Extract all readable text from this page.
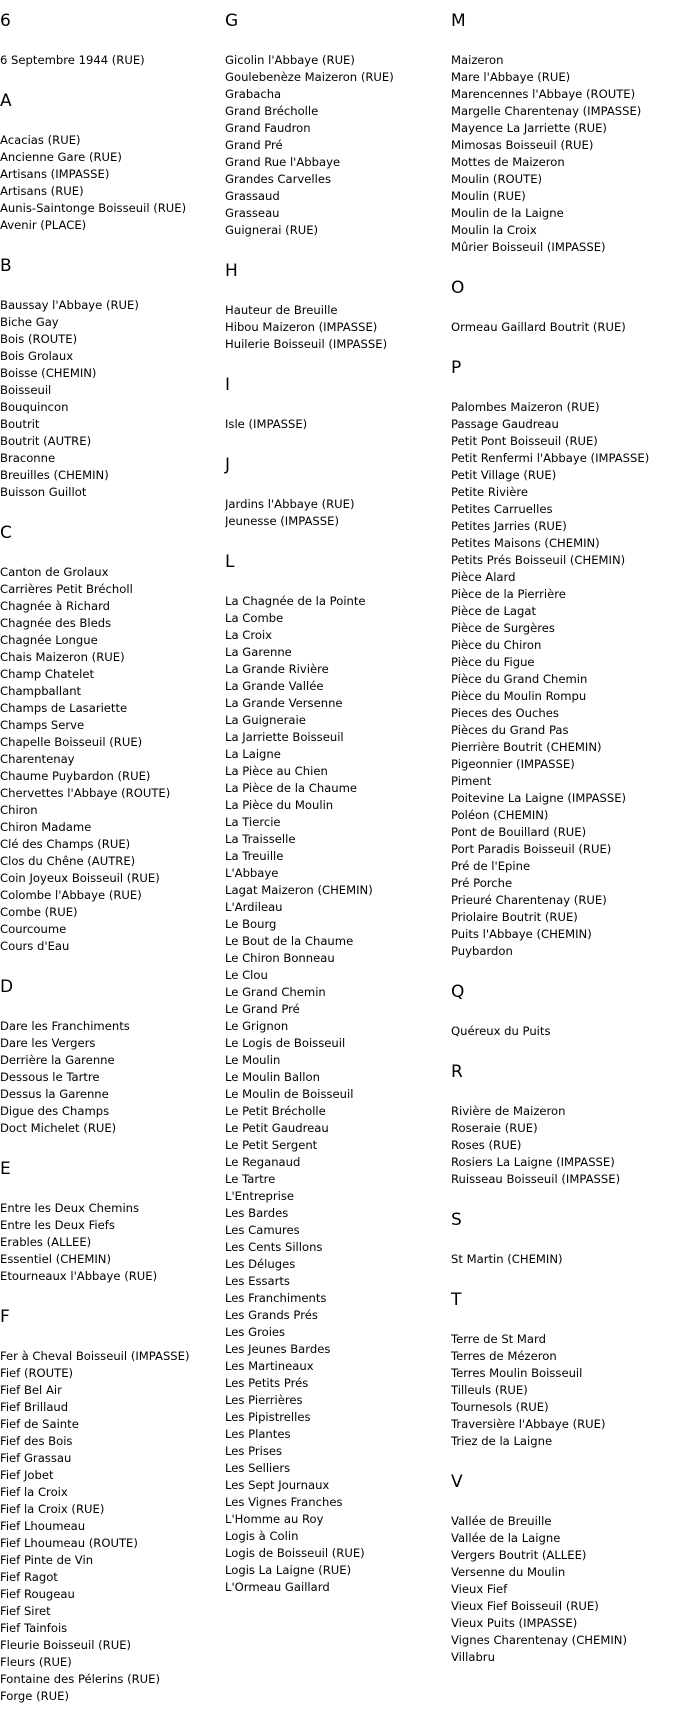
6
6 Septembre 1944 (RUE)
A
Acacias (RUE)
Ancienne Gare (RUE)
Artisans (IMPASSE)
Artisans (RUE)
Aunis-Saintonge Boisseuil (RUE)
Avenir (PLACE)
B
Baussay l'Abbaye (RUE)
Biche Gay
Bois (ROUTE)
Bois Grolaux
Boisse (CHEMIN)
Boisseuil
Bouquincon
Boutrit
Boutrit (AUTRE)
Braconne
Breuilles (CHEMIN)
Buisson Guillot
C
Canton de Grolaux
Carrières Petit Brécholl
Chagnée à Richard
Chagnée des Bleds
Chagnée Longue
Chais Maizeron (RUE)
Champ Chatelet
Champballant
Champs de Lasariette
Champs Serve
Chapelle Boisseuil (RUE)
Charentenay
Chaume Puybardon (RUE)
Chervettes l'Abbaye (ROUTE)
Chiron
Chiron Madame
Clé des Champs (RUE)
Clos du Chêne (AUTRE)
Coin Joyeux Boisseuil (RUE)
Colombe l'Abbaye (RUE)
Combe (RUE)
Courcoume
Cours d'Eau
D
Dare les Franchiments
Dare les Vergers
Derrière la Garenne
Dessous le Tartre
Dessus la Garenne
Digue des Champs
Doct Michelet (RUE)
E
Entre les Deux Chemins
Entre les Deux Fiefs
Erables (ALLEE)
Essentiel (CHEMIN)
Etourneaux l'Abbaye (RUE)
F
Fer à Cheval Boisseuil (IMPASSE)
Fief (ROUTE)
Fief Bel Air
Fief Brillaud
Fief de Sainte
Fief des Bois
Fief Grassau
Fief Jobet
Fief la Croix
Fief la Croix (RUE)
Fief Lhoumeau
Fief Lhoumeau (ROUTE)
Fief Pinte de Vin
Fief Ragot
Fief Rougeau
Fief Siret
Fief Tainfois
Fleurie Boisseuil (RUE)
Fleurs (RUE)
Fontaine des Pélerins (RUE)
Forge (RUE)
G
Gicolin l'Abbaye (RUE)
Goulebenèze Maizeron (RUE)
Grabacha
Grand Brécholle
Grand Faudron
Grand Pré
Grand Rue l'Abbaye
Grandes Carvelles
Grassaud
Grasseau
Guignerai (RUE)
H
Hauteur de Breuille
Hibou Maizeron (IMPASSE)
Huilerie Boisseuil (IMPASSE)
I
Isle (IMPASSE)
J
Jardins l'Abbaye (RUE)
Jeunesse (IMPASSE)
L
La Chagnée de la Pointe
La Combe
La Croix
La Garenne
La Grande Rivière
La Grande Vallée
La Grande Versenne
La Guigneraie
La Jarriette Boisseuil
La Laigne
La Pièce au Chien
La Pièce de la Chaume
La Pièce du Moulin
La Tiercie
La Traisselle
La Treuille
L'Abbaye
Lagat Maizeron (CHEMIN)
L'Ardileau
Le Bourg
Le Bout de la Chaume
Le Chiron Bonneau
Le Clou
Le Grand Chemin
Le Grand Pré
Le Grignon
Le Logis de Boisseuil
Le Moulin
Le Moulin Ballon
Le Moulin de Boisseuil
Le Petit Brécholle
Le Petit Gaudreau
Le Petit Sergent
Le Reganaud
Le Tartre
L'Entreprise
Les Bardes
Les Camures
Les Cents Sillons
Les Déluges
Les Essarts
Les Franchiments
Les Grands Prés
Les Groies
Les Jeunes Bardes
Les Martineaux
Les Petits Prés
Les Pierrières
Les Pipistrelles
Les Plantes
Les Prises
Les Selliers
Les Sept Journaux
Les Vignes Franches
L'Homme au Roy
Logis à Colin
Logis de Boisseuil (RUE)
Logis La Laigne (RUE)
L'Ormeau Gaillard
M
Maizeron
Mare l'Abbaye (RUE)
Marencennes l'Abbaye (ROUTE)
Margelle Charentenay (IMPASSE)
Mayence La Jarriette (RUE)
Mimosas Boisseuil (RUE)
Mottes de Maizeron
Moulin (ROUTE)
Moulin (RUE)
Moulin de la Laigne
Moulin la Croix
Mûrier Boisseuil (IMPASSE)
O
Ormeau Gaillard Boutrit (RUE)
P
Palombes Maizeron (RUE)
Passage Gaudreau
Petit Pont Boisseuil (RUE)
Petit Renfermi l'Abbaye (IMPASSE)
Petit Village (RUE)
Petite Rivière
Petites Carruelles
Petites Jarries (RUE)
Petites Maisons (CHEMIN)
Petits Prés Boisseuil (CHEMIN)
Pièce Alard
Pièce de la Pierrière
Pièce de Lagat
Pièce de Surgères
Pièce du Chiron
Pièce du Figue
Pièce du Grand Chemin
Pièce du Moulin Rompu
Pieces des Ouches
Pièces du Grand Pas
Pierrière Boutrit (CHEMIN)
Pigeonnier (IMPASSE)
Piment
Poitevine La Laigne (IMPASSE)
Poléon (CHEMIN)
Pont de Bouillard (RUE)
Port Paradis Boisseuil (RUE)
Pré de l'Epine
Pré Porche
Prieuré Charentenay (RUE)
Priolaire Boutrit (RUE)
Puits l'Abbaye (CHEMIN)
Puybardon
Q
Quéreux du Puits
R
Rivière de Maizeron
Roseraie (RUE)
Roses (RUE)
Rosiers La Laigne (IMPASSE)
Ruisseau Boisseuil (IMPASSE)
S
St Martin (CHEMIN)
T
Terre de St Mard
Terres de Mézeron
Terres Moulin Boisseuil
Tilleuls (RUE)
Tournesols (RUE)
Traversière l'Abbaye (RUE)
Triez de la Laigne
V
Vallée de Breuille
Vallée de la Laigne
Vergers Boutrit (ALLEE)
Versenne du Moulin
Vieux Fief
Vieux Fief Boisseuil (RUE)
Vieux Puits (IMPASSE)
Vignes Charentenay (CHEMIN)
Villabru
